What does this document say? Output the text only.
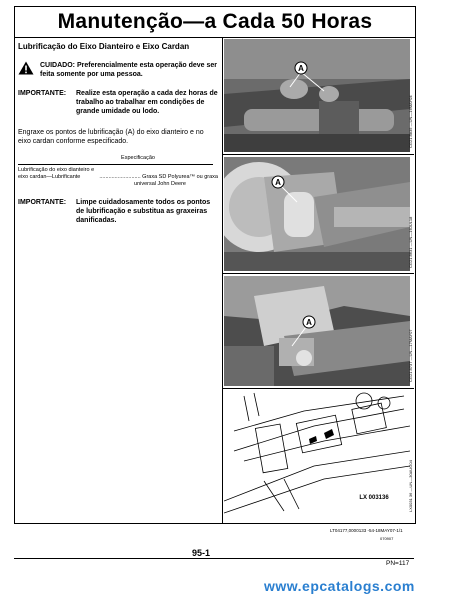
Manutenção—a Cada 50 Horas
Lubrificação do Eixo Dianteiro e Eixo Cardan
CUIDADO: Preferencialmente esta operação deve ser feita somente por uma pessoa.
IMPORTANTE:	Realize esta operação a cada dez horas de trabalho ao trabalhar em condições de grande umidade ou lodo.
Engraxe os pontos de lubrificação (A) do eixo dianteiro e no eixo cardan conforme especificado.
Especificação
Lubrificação do eixo dianteiro e
eixo cardan—Lubrificante	........................... Graxa SD Polyurea™ ou graxa
universal John Deere
IMPORTANTE:	Limpe cuidadosamente todos os pontos de lubrificação e substitua as graxeiras danificadas.
A
CG21 8835 —UN—16MAY04
A
CG21 8631 —UN—16JUL18
A
CG21 8737 —UN—17MAY07
LX 003136	LX0031 36 —UN—30AUG04
LT04177,0000133 -54-18MAY07-1/1
070907
95-1
PN=117
www.epcatalogs.com
